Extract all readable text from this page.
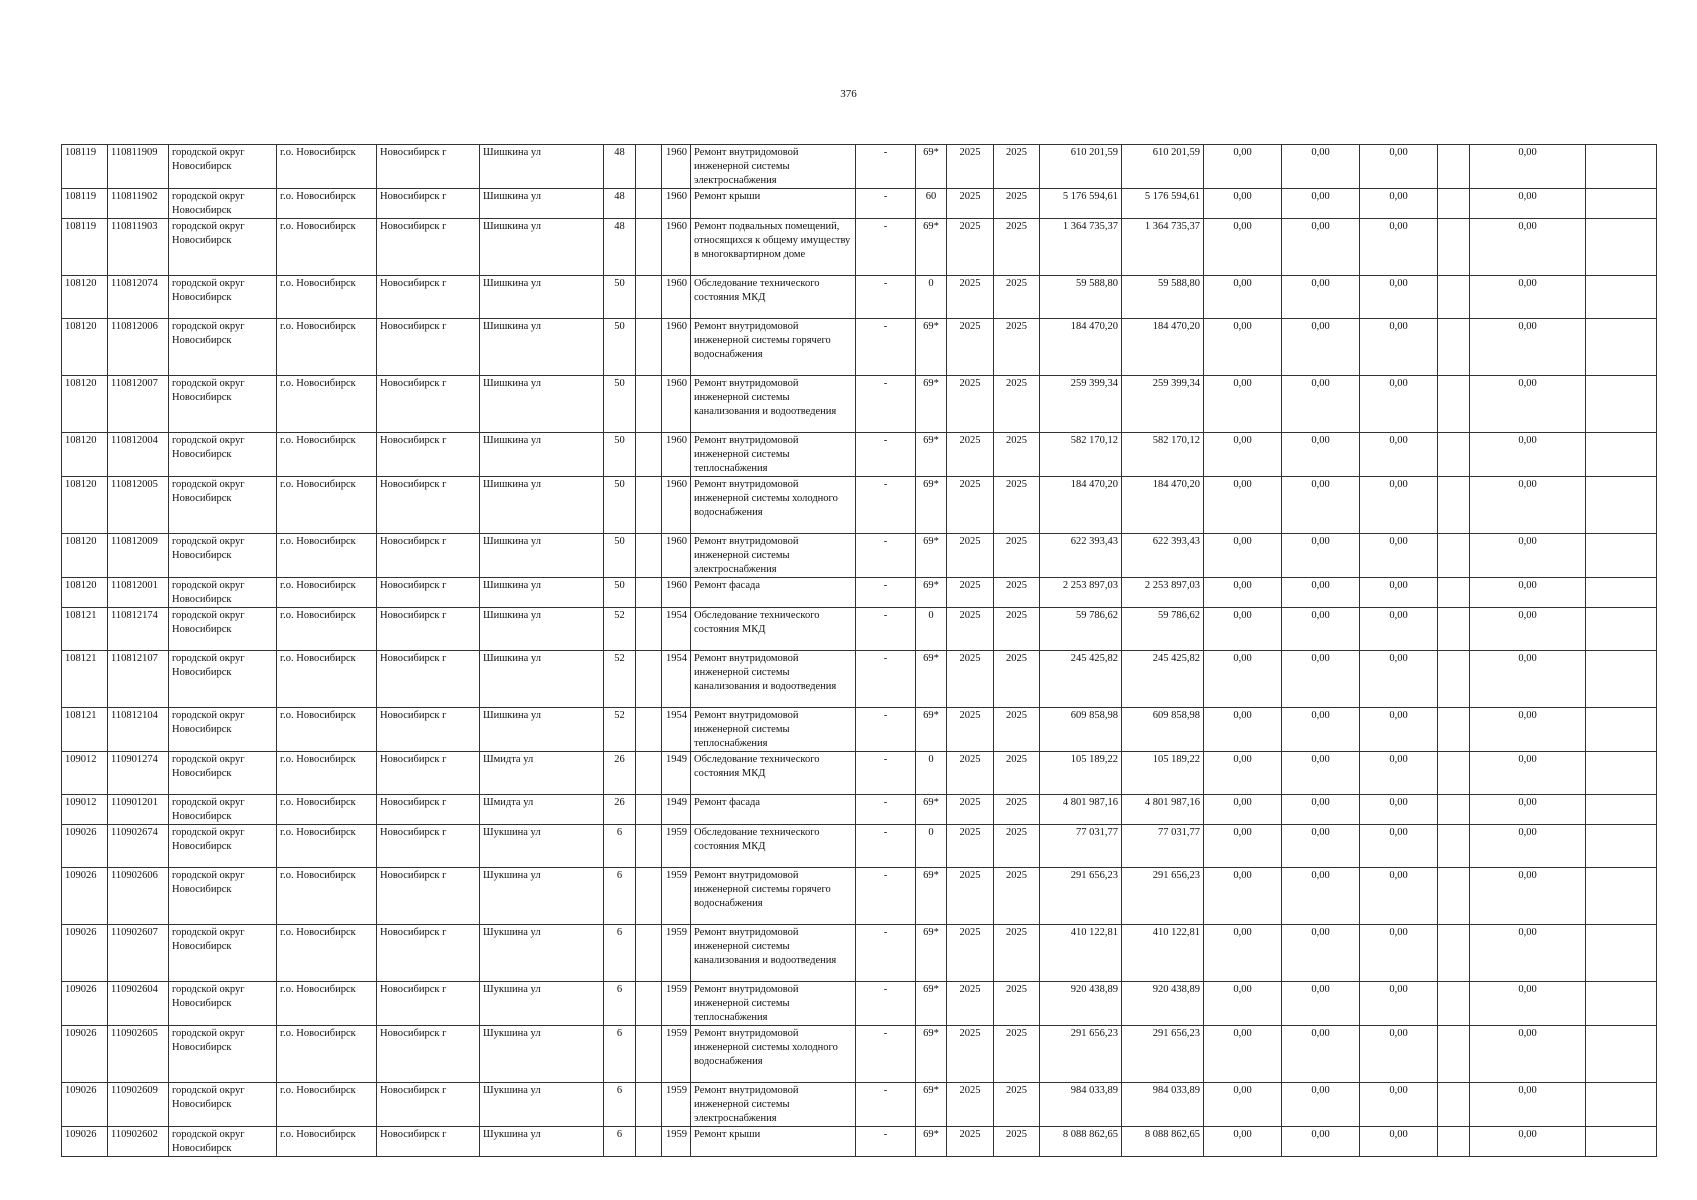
376
108119	110811909	городской округ Новосибирск	г.о. Новосибирск	Новосибирск г	Шишкина ул	48		1960	Ремонт внутридомовой инженерной системы электроснабжения	-	69*	2025	2025	610 201,59	610 201,59	0,00	0,00	0,00		0,00	
108119	110811902	городской округ Новосибирск	г.о. Новосибирск	Новосибирск г	Шишкина ул	48		1960	Ремонт крыши	-	60	2025	2025	5 176 594,61	5 176 594,61	0,00	0,00	0,00		0,00	
108119	110811903	городской округ Новосибирск	г.о. Новосибирск	Новосибирск г	Шишкина ул	48		1960	Ремонт подвальных помещений, относящихся к общему имуществу в многоквартирном доме	-	69*	2025	2025	1 364 735,37	1 364 735,37	0,00	0,00	0,00		0,00	
108120	110812074	городской округ Новосибирск	г.о. Новосибирск	Новосибирск г	Шишкина ул	50		1960	Обследование технического состояния МКД	-	0	2025	2025	59 588,80	59 588,80	0,00	0,00	0,00		0,00	
108120	110812006	городской округ Новосибирск	г.о. Новосибирск	Новосибирск г	Шишкина ул	50		1960	Ремонт внутридомовой инженерной системы горячего водоснабжения	-	69*	2025	2025	184 470,20	184 470,20	0,00	0,00	0,00		0,00	
108120	110812007	городской округ Новосибирск	г.о. Новосибирск	Новосибирск г	Шишкина ул	50		1960	Ремонт внутридомовой инженерной системы канализования и водоотведения	-	69*	2025	2025	259 399,34	259 399,34	0,00	0,00	0,00		0,00	
108120	110812004	городской округ Новосибирск	г.о. Новосибирск	Новосибирск г	Шишкина ул	50		1960	Ремонт внутридомовой инженерной системы теплоснабжения	-	69*	2025	2025	582 170,12	582 170,12	0,00	0,00	0,00		0,00	
108120	110812005	городской округ Новосибирск	г.о. Новосибирск	Новосибирск г	Шишкина ул	50		1960	Ремонт внутридомовой инженерной системы холодного водоснабжения	-	69*	2025	2025	184 470,20	184 470,20	0,00	0,00	0,00		0,00	
108120	110812009	городской округ Новосибирск	г.о. Новосибирск	Новосибирск г	Шишкина ул	50		1960	Ремонт внутридомовой инженерной системы электроснабжения	-	69*	2025	2025	622 393,43	622 393,43	0,00	0,00	0,00		0,00	
108120	110812001	городской округ Новосибирск	г.о. Новосибирск	Новосибирск г	Шишкина ул	50		1960	Ремонт фасада	-	69*	2025	2025	2 253 897,03	2 253 897,03	0,00	0,00	0,00		0,00	
108121	110812174	городской округ Новосибирск	г.о. Новосибирск	Новосибирск г	Шишкина ул	52		1954	Обследование технического состояния МКД	-	0	2025	2025	59 786,62	59 786,62	0,00	0,00	0,00		0,00	
108121	110812107	городской округ Новосибирск	г.о. Новосибирск	Новосибирск г	Шишкина ул	52		1954	Ремонт внутридомовой инженерной системы канализования и водоотведения	-	69*	2025	2025	245 425,82	245 425,82	0,00	0,00	0,00		0,00	
108121	110812104	городской округ Новосибирск	г.о. Новосибирск	Новосибирск г	Шишкина ул	52		1954	Ремонт внутридомовой инженерной системы теплоснабжения	-	69*	2025	2025	609 858,98	609 858,98	0,00	0,00	0,00		0,00	
109012	110901274	городской округ Новосибирск	г.о. Новосибирск	Новосибирск г	Шмидта ул	26		1949	Обследование технического состояния МКД	-	0	2025	2025	105 189,22	105 189,22	0,00	0,00	0,00		0,00	
109012	110901201	городской округ Новосибирск	г.о. Новосибирск	Новосибирск г	Шмидта ул	26		1949	Ремонт фасада	-	69*	2025	2025	4 801 987,16	4 801 987,16	0,00	0,00	0,00		0,00	
109026	110902674	городской округ Новосибирск	г.о. Новосибирск	Новосибирск г	Шукшина ул	6		1959	Обследование технического состояния МКД	-	0	2025	2025	77 031,77	77 031,77	0,00	0,00	0,00		0,00	
109026	110902606	городской округ Новосибирск	г.о. Новосибирск	Новосибирск г	Шукшина ул	6		1959	Ремонт внутридомовой инженерной системы горячего водоснабжения	-	69*	2025	2025	291 656,23	291 656,23	0,00	0,00	0,00		0,00	
109026	110902607	городской округ Новосибирск	г.о. Новосибирск	Новосибирск г	Шукшина ул	6		1959	Ремонт внутридомовой инженерной системы канализования и водоотведения	-	69*	2025	2025	410 122,81	410 122,81	0,00	0,00	0,00		0,00	
109026	110902604	городской округ Новосибирск	г.о. Новосибирск	Новосибирск г	Шукшина ул	6		1959	Ремонт внутридомовой инженерной системы теплоснабжения	-	69*	2025	2025	920 438,89	920 438,89	0,00	0,00	0,00		0,00	
109026	110902605	городской округ Новосибирск	г.о. Новосибирск	Новосибирск г	Шукшина ул	6		1959	Ремонт внутридомовой инженерной системы холодного водоснабжения	-	69*	2025	2025	291 656,23	291 656,23	0,00	0,00	0,00		0,00	
109026	110902609	городской округ Новосибирск	г.о. Новосибирск	Новосибирск г	Шукшина ул	6		1959	Ремонт внутридомовой инженерной системы электроснабжения	-	69*	2025	2025	984 033,89	984 033,89	0,00	0,00	0,00		0,00	
109026	110902602	городской округ Новосибирск	г.о. Новосибирск	Новосибирск г	Шукшина ул	6		1959	Ремонт крыши	-	69*	2025	2025	8 088 862,65	8 088 862,65	0,00	0,00	0,00		0,00	
